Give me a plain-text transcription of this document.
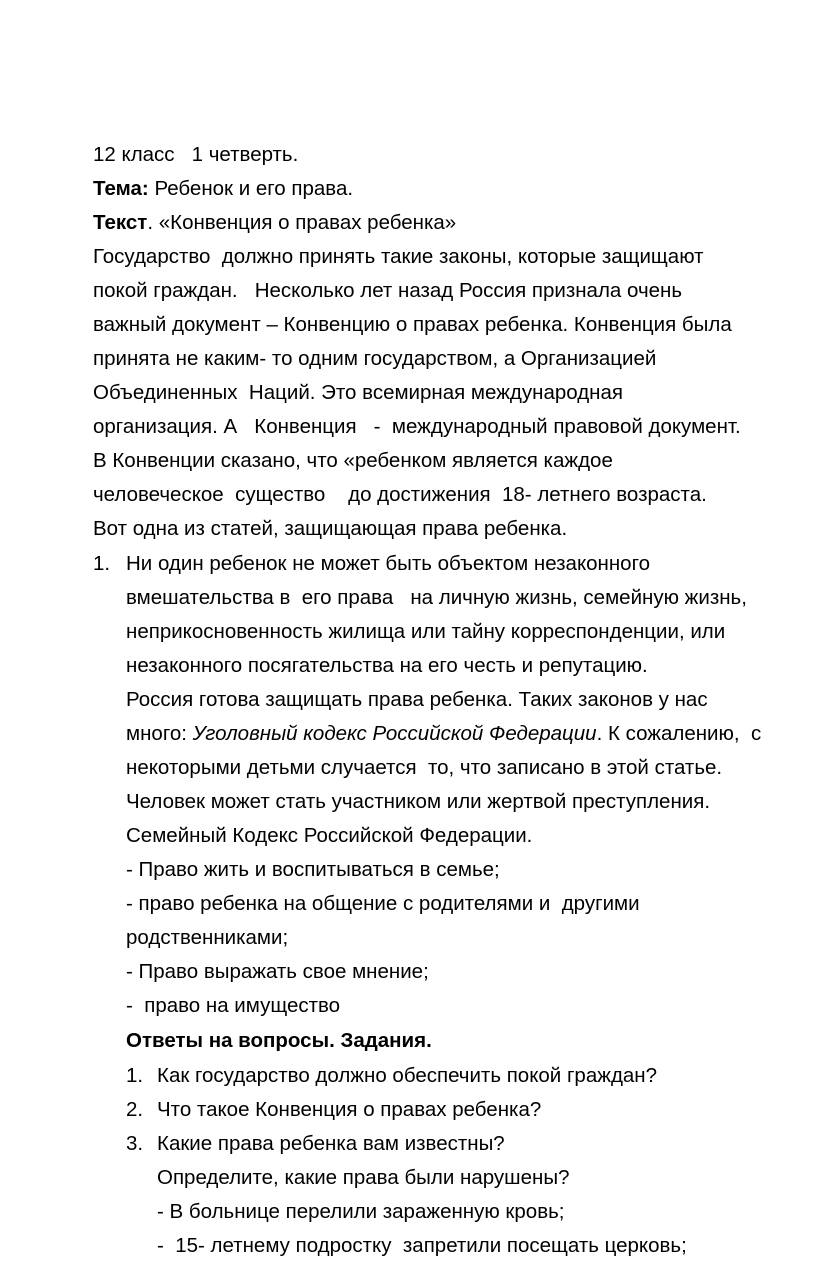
12 класс   1 четверть.
Тема: Ребенок и его права.
Текст. «Конвенция о правах ребенка»
Государство  должно принять такие законы, которые защищают
покой граждан.   Несколько лет назад Россия признала очень
важный документ – Конвенцию о правах ребенка. Конвенция была
принята не каким- то одним государством, а Организацией
Объединенных  Наций. Это всемирная международная
организация. А   Конвенция   -  международный правовой документ.
В Конвенции сказано, что «ребенком является каждое
человеческое  существо    до достижения  18- летнего возраста.
Вот одна из статей, защищающая права ребенка.
1. Ни один ребенок не может быть объектом незаконного
вмешательства в  его права   на личную жизнь, семейную жизнь,
неприкосновенность жилища или тайну корреспонденции, или
незаконного посягательства на его честь и репутацию.
Россия готова защищать права ребенка. Таких законов у нас
много: Уголовный кодекс Российской Федерации. К сожалению,  с
некоторыми детьми случается  то, что записано в этой статье.
Человек может стать участником или жертвой преступления.
Семейный Кодекс Российской Федерации.
- Право жить и воспитываться в семье;
- право ребенка на общение с родителями и  другими
родственниками;
- Право выражать свое мнение;
-  право на имущество
Ответы на вопросы. Задания.
1. Как государство должно обеспечить покой граждан?
2. Что такое Конвенция о правах ребенка?
3. Какие права ребенка вам известны?
Определите, какие права были нарушены?
- В больнице перелили зараженную кровь;
-  15- летнему подростку  запретили посещать церковь;
